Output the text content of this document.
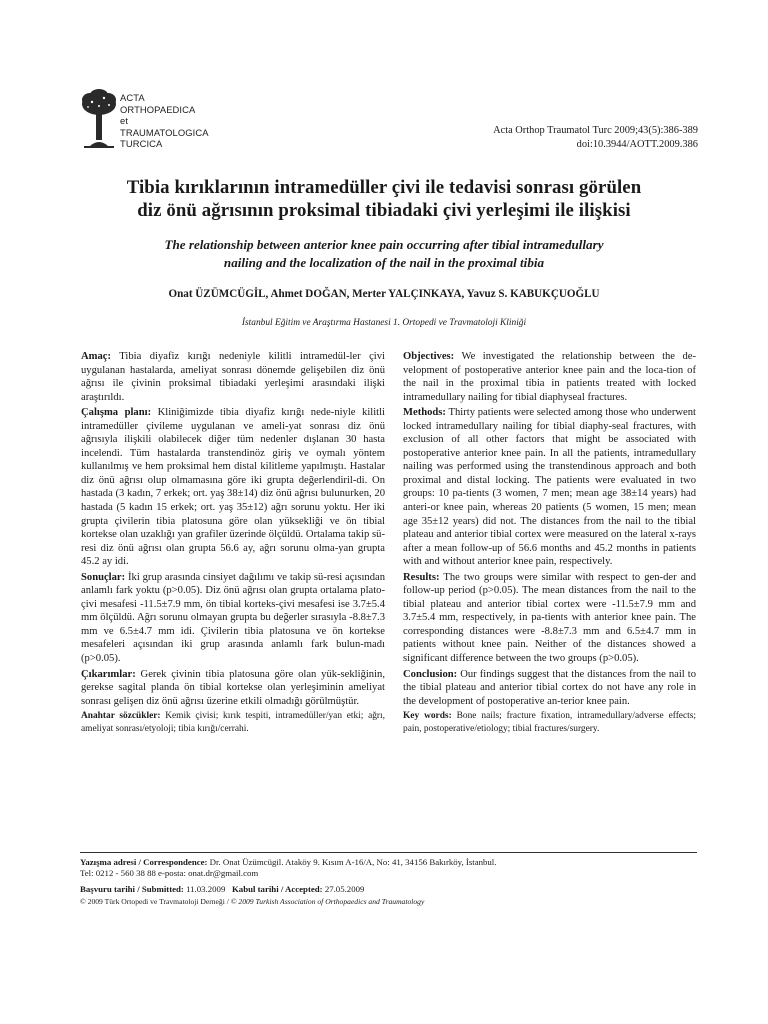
ACTA
ORTHOPAEDICA
et
TRAUMATOLOGICA
TURCICA
Acta Orthop Traumatol Turc 2009;43(5):386-389
doi:10.3944/AOTT.2009.386
Tibia kırıklarının intramedüller çivi ile tedavisi sonrası görülen
diz önü ağrısının proksimal tibiadaki çivi yerleşimi ile ilişkisi
The relationship between anterior knee pain occurring after tibial intramedullary
nailing and the localization of the nail in the proximal tibia
Onat ÜZÜMCÜGİL, Ahmet DOĞAN, Merter YALÇINKAYA, Yavuz S. KABUKÇUOĞLU
İstanbul Eğitim ve Araştırma Hastanesi 1. Ortopedi ve Travmatoloji Kliniği

Amaç: Tibia diyafiz kırığı nedeniyle kilitli intramedül-ler çivi uygulanan hastalarda, ameliyat sonrası dönemde gelişebilen diz önü ağrısı ile çivinin proksimal tibiadaki yerleşimi arasındaki ilişki araştırıldı.

Çalışma planı: Kliniğimizde tibia diyafiz kırığı nede-niyle kilitli intramedüller çivileme uygulanan ve ameli-yat sonrası diz önü ağrısıyla ilişkili olabilecek diğer tüm nedenler dışlanan 30 hasta incelendi. Tüm hastalarda transtendinöz giriş ve oymalı yöntem kullanılmış ve hem proksimal hem distal kilitleme yapılmıştı. Hastalar diz önü ağrısı olup olmamasına göre iki grupta değerlendiril-di. On hastada (3 kadın, 7 erkek; ort. yaş 38±14) diz önü ağrısı bulunurken, 20 hastada (5 kadın 15 erkek; ort. yaş 35±12) ağrı sorunu yoktu. Her iki grupta çivilerin tibia platosuna göre olan yüksekliği ve ön tibial kortekse olan uzaklığı yan grafiler üzerinde ölçüldü. Ortalama takip sü-resi diz önü ağrısı olan grupta 56.6 ay, ağrı sorunu olma-yan grupta 45.2 ay idi.

Sonuçlar: İki grup arasında cinsiyet dağılımı ve takip sü-resi açısından anlamlı fark yoktu (p>0.05). Diz önü ağrısı olan grupta ortalama plato-çivi mesafesi -11.5±7.9 mm, ön tibial korteks-çivi mesafesi ise 3.7±5.4 mm ölçüldü. Ağrı sorunu olmayan grupta bu değerler sırasıyla -8.8±7.3 mm ve 6.5±4.7 mm idi. Çivilerin tibia platosuna ve ön kortekse mesafeleri açısından iki grup arasında anlamlı fark bulun-madı (p>0.05).

Çıkarımlar: Gerek çivinin tibia platosuna göre olan yük-sekliğinin, gerekse sagital planda ön tibial kortekse olan yerleşiminin ameliyat sonrası gelişen diz önü ağrısı üzerine etkili olmadığı görülmüştür.

Anahtar sözcükler: Kemik çivisi; kırık tespiti, intramedüller/yan etki; ağrı, ameliyat sonrası/etyoloji; tibia kırığı/cerrahi.

Objectives: We investigated the relationship between the de-velopment of postoperative anterior knee pain and the loca-tion of the nail in the proximal tibia in patients treated with locked intramedullary nailing for tibial diaphyseal fractures.

Methods: Thirty patients were selected among those who underwent locked intramedullary nailing for tibial diaphy-seal fractures, with exclusion of all other factors that might be associated with postoperative anterior knee pain. In all the patients, intramedullary nailing was performed using the transtendinous approach and both proximal and distal locking. The patients were evaluated in two groups: 10 pa-tients (3 women, 7 men; mean age 38±14 years) had anteri-or knee pain, whereas 20 patients (5 women, 15 men; mean age 35±12 years) did not. The distances from the nail to the tibial plateau and anterior tibial cortex were measured on the lateral x-rays after a mean follow-up of 56.6 months and 45.2 months in patients with and without anterior knee pain, respectively.

Results: The two groups were similar with respect to gen-der and follow-up period (p>0.05). The mean distances from the nail to the tibial plateau and anterior tibial cortex were -11.5±7.9 mm and 3.7±5.4 mm, respectively, in pa-tients with anterior knee pain. The corresponding distances were -8.8±7.3 mm and 6.5±4.7 mm in patients without knee pain. Neither of the distances showed a significant difference between the two groups (p>0.05).

Conclusion: Our findings suggest that the distances from the nail to the tibial plateau and anterior tibial cortex do not have any role in the development of postoperative an-terior knee pain.

Key words: Bone nails; fracture fixation, intramedullary/adverse effects; pain, postoperative/etiology; tibial fractures/surgery.

Yazışma adresi / Correspondence: Dr. Onat Üzümcügil. Ataköy 9. Kısım A-16/A, No: 41, 34156 Bakırköy, İstanbul.
Tel: 0212 - 560 38 88 e-posta: onat.dr@gmail.com
Başvuru tarihi / Submitted: 11.03.2009 Kabul tarihi / Accepted: 27.05.2009
© 2009 Türk Ortopedi ve Travmatoloji Derneği / © 2009 Turkish Association of Orthopaedics and Traumatology
